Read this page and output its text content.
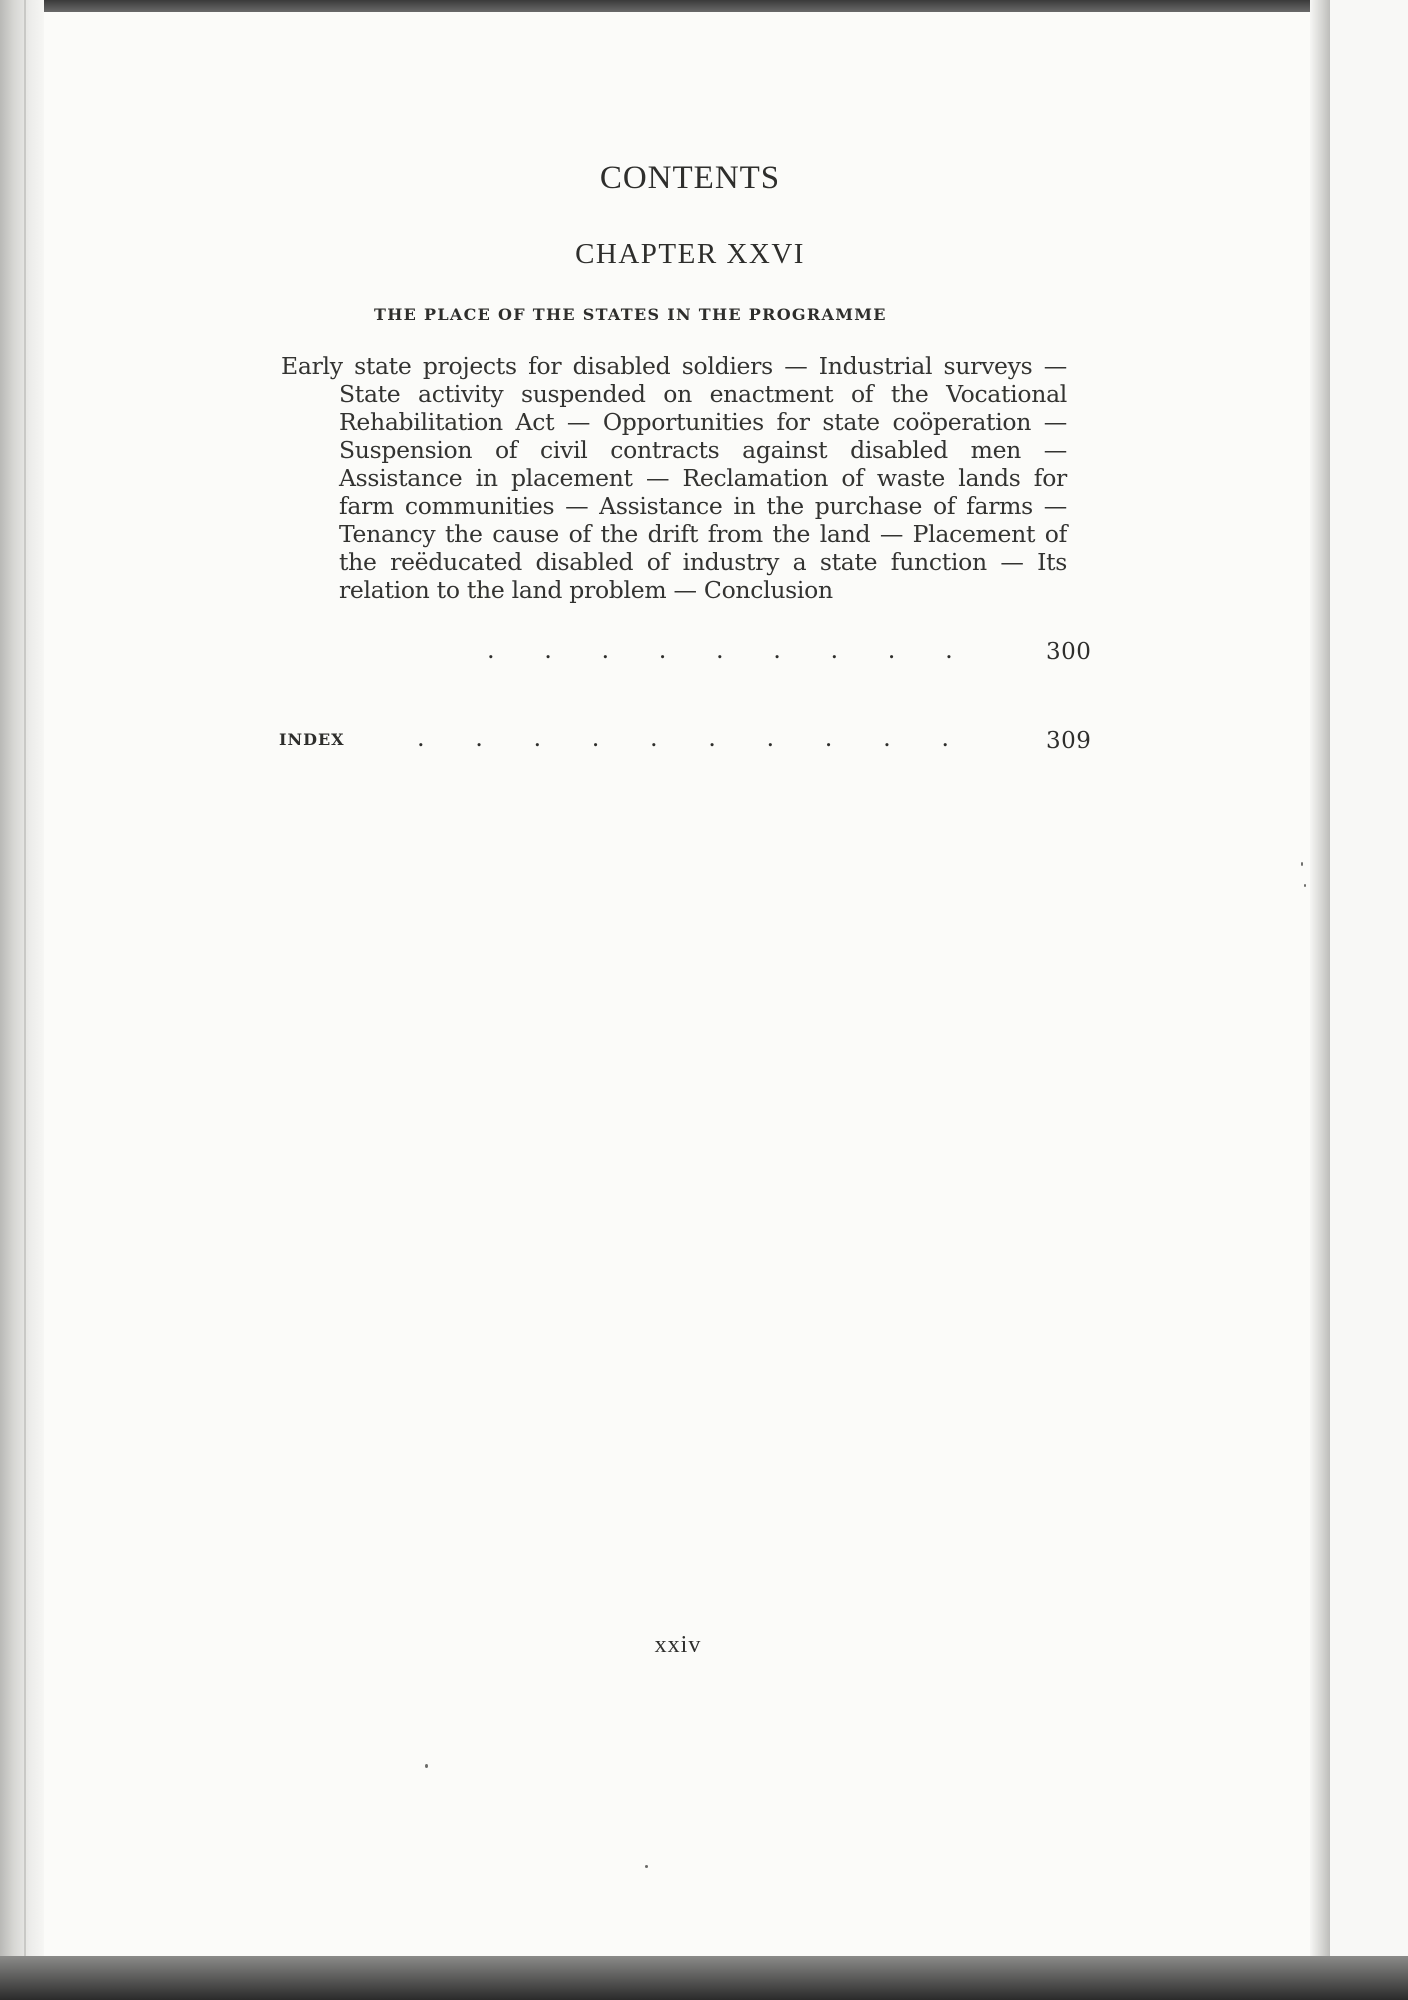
CONTENTS
CHAPTER XXVI
THE PLACE OF THE STATES IN THE PROGRAMME
Early state projects for disabled soldiers — Industrial surveys — State activity suspended on enactment of the Vocational Rehabilitation Act — Opportunities for state coöperation — Suspension of civil contracts against disabled men — Assistance in placement — Reclamation of waste lands for farm communities — Assistance in the purchase of farms — Tenancy the cause of the drift from the land — Placement of the reëducated disabled of industry a state function — Its relation to the land problem — Conclusion
. . . . . . . . .	300
INDEX	. . . . . . . . . .	309
xxiv
